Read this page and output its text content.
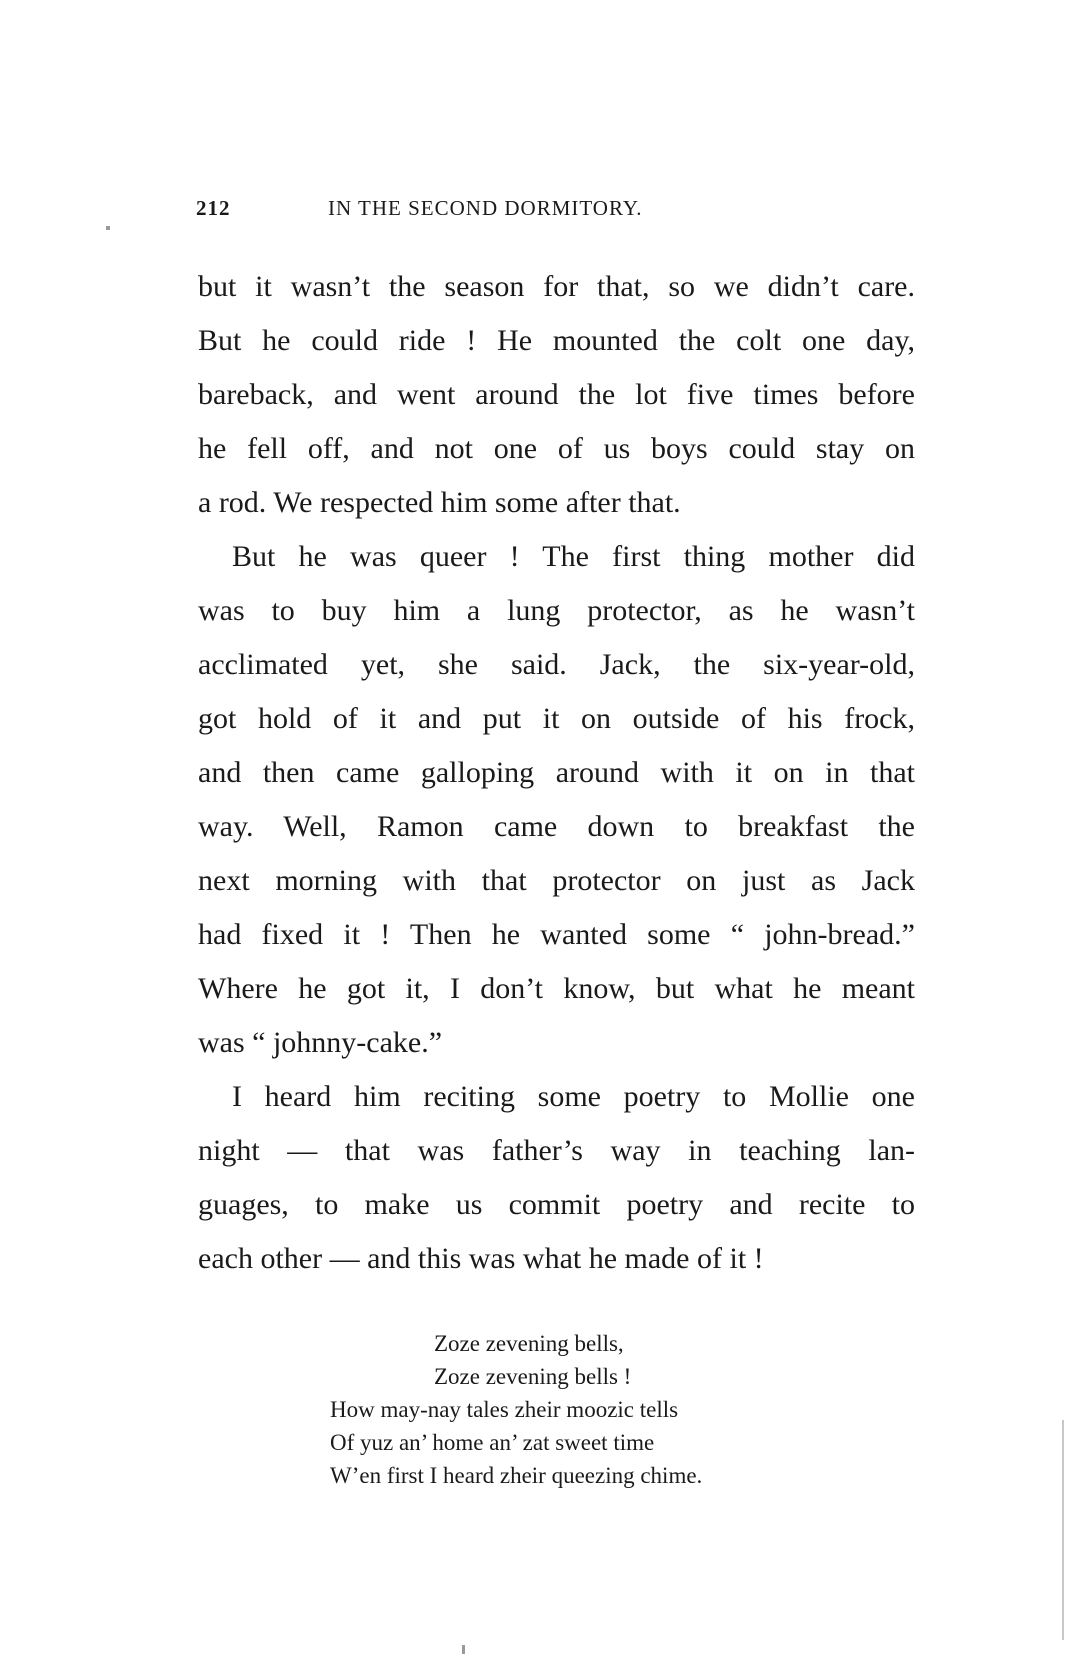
212	IN THE SECOND DORMITORY.

but it wasn’t the season for that, so we didn’t care.
But he could ride ! He mounted the colt one day,
bareback, and went around the lot five times before
he fell off, and not one of us boys could stay on
a rod. We respected him some after that.

But he was queer ! The first thing mother did
was to buy him a lung protector, as he wasn’t
acclimated yet, she said. Jack, the six-year-old,
got hold of it and put it on outside of his frock,
and then came galloping around with it on in that
way. Well, Ramon came down to breakfast the
next morning with that protector on just as Jack
had fixed it ! Then he wanted some “ john-bread.”
Where he got it, I don’t know, but what he meant
was “ johnny-cake.”

I heard him reciting some poetry to Mollie one
night — that was father’s way in teaching lan-
guages, to make us commit poetry and recite to
each other — and this was what he made of it !

Zoze zevening bells,
Zoze zevening bells !
How may-nay tales zheir moozic tells
Of yuz an’ home an’ zat sweet time
W’en first I heard zheir queezing chime.
